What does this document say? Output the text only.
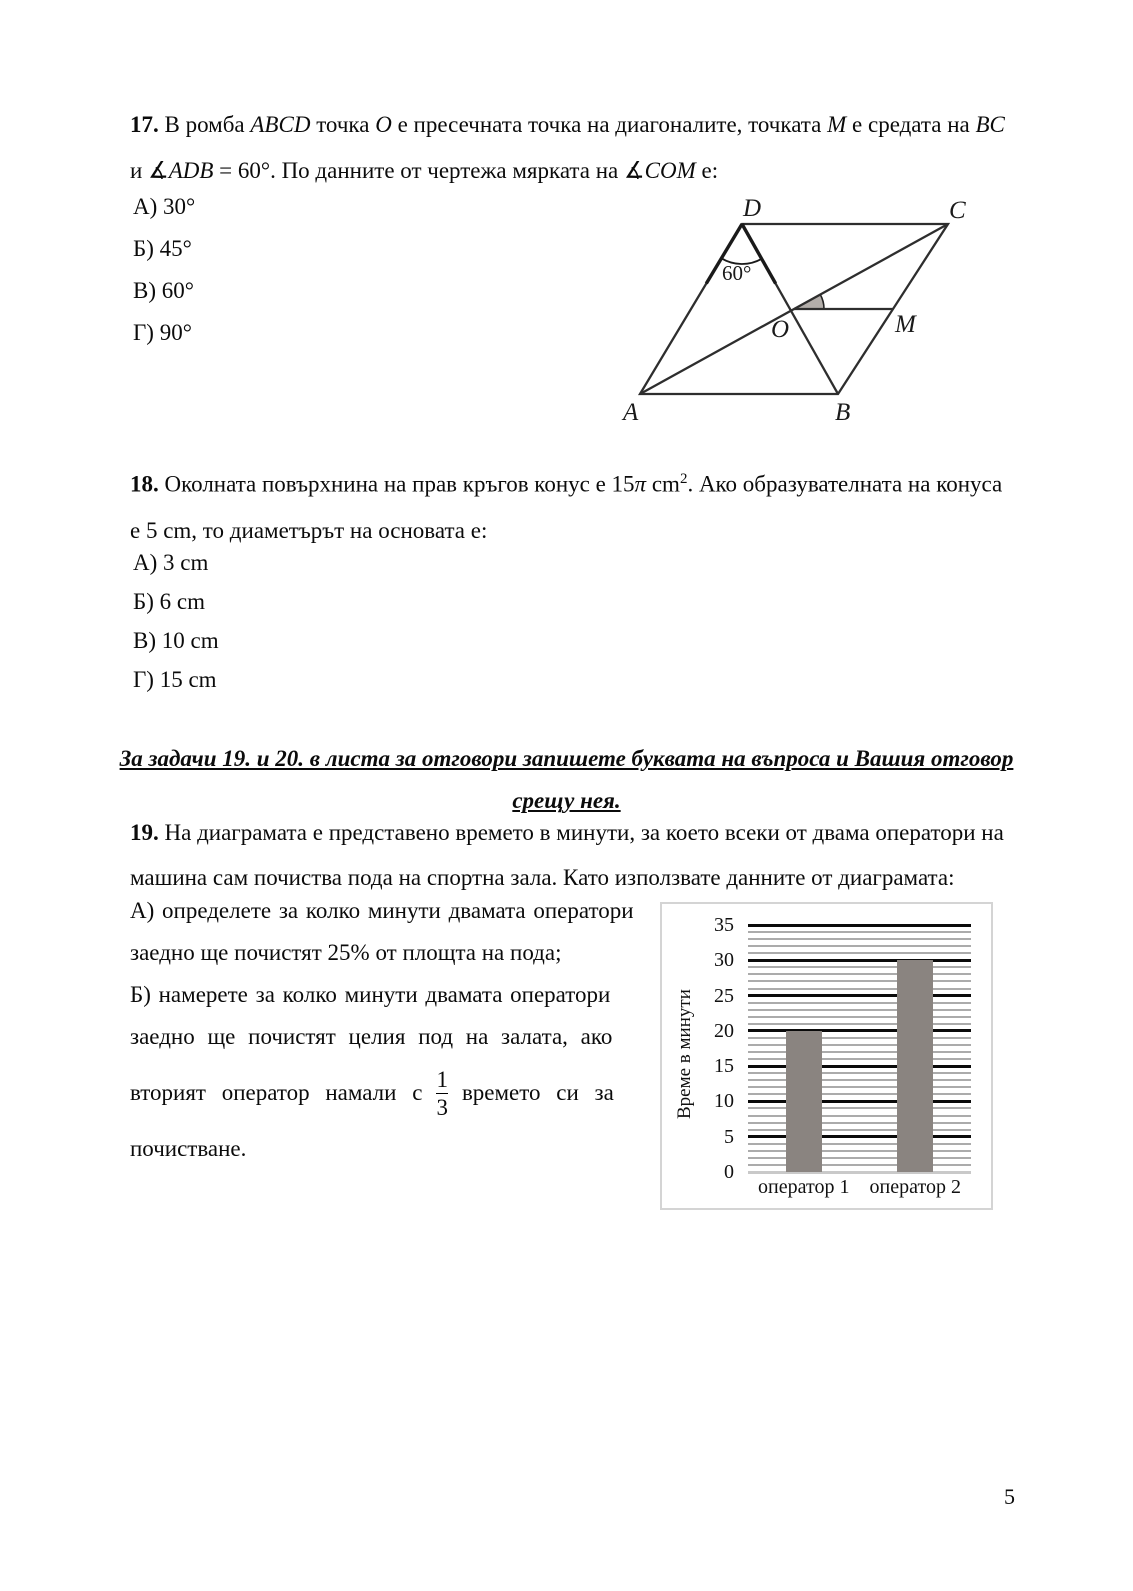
17. В ромба ABCD точка O е пресечната точка на диагоналите, точката M е средата на BC
и ∡ADB = 60°. По данните от чертежа мярката на ∡COM е:
А) 30°
Б) 45°
В) 60°
Г) 90°
D	C
A	B
O	M
60°
18. Околната повърхнина на прав кръгов конус е 15π $cm^2$. Ако образувателната на конуса
е 5 cm, то диаметърът на основата е:
А) 3 cm
Б) 6 cm
В) 10 cm
Г) 15 cm
За задачи 19. и 20. в листа за отговори запишете буквата на въпроса и Вашия отговор
срещу нея.
19. На диаграмата е представено времето в минути, за което всеки от двама оператори на
машина сам почиства пода на спортна зала. Като използвате данните от диаграмата:
А) определете за колко минути двамата оператори
заедно ще почистят 25% от площта на пода;
Б) намерете за колко минути двамата оператори
заедно ще почистят целия под на залата, ако
вторият оператор намали с $\frac{1}{3}$ времето си за
почистване.
Време в минути
0
5
10
15
20
25
30
35
оператор 1	оператор 2
5
